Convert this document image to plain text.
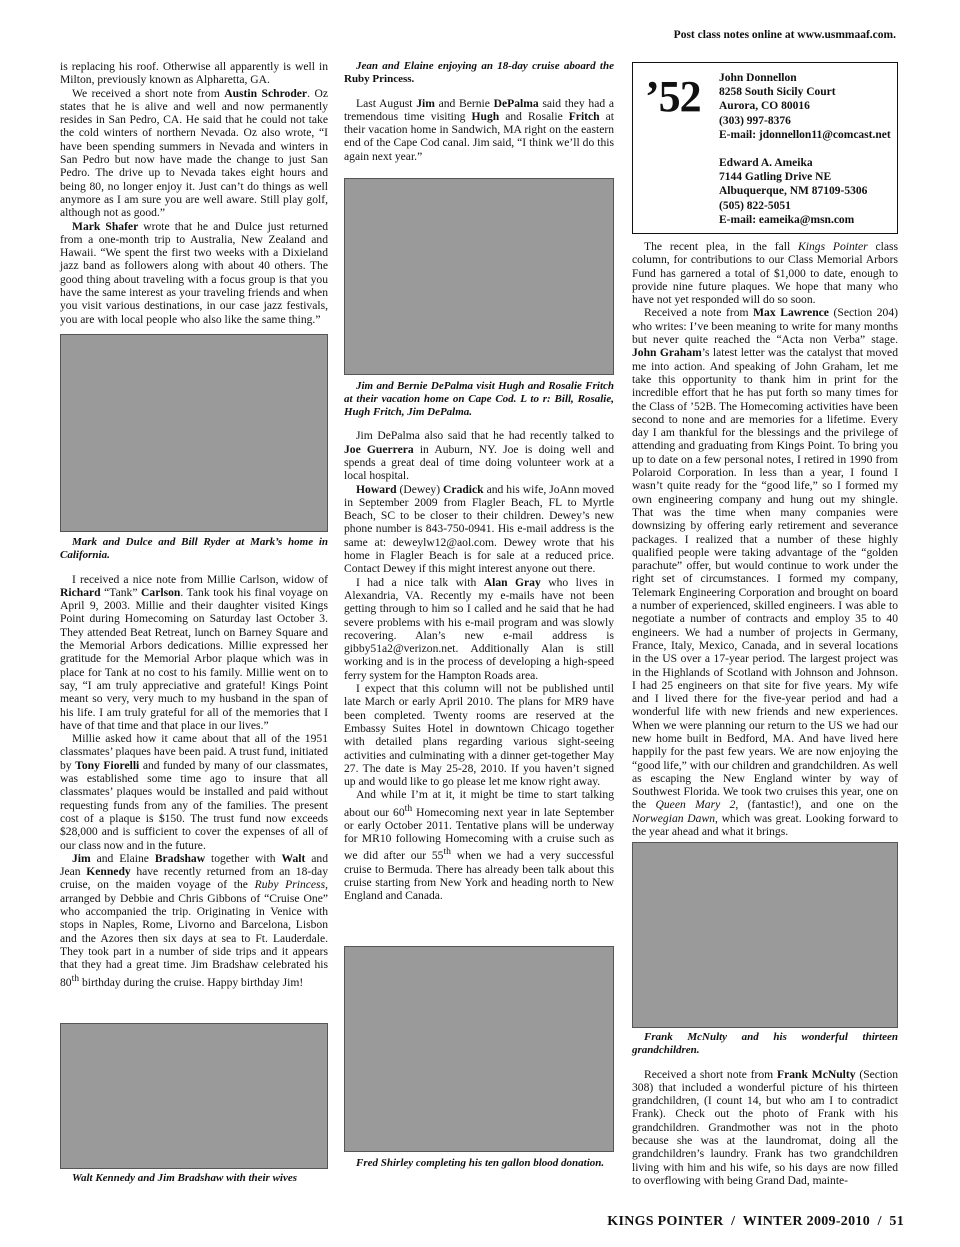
Post class notes online at www.usmmaaf.com.

is replacing his roof. Otherwise all apparently is well in Milton, previously known as Alpharetta, GA.

We received a short note from Austin Schroder. Oz states that he is alive and well and now permanently resides in San Pedro, CA. He said that he could not take the cold winters of northern Nevada. Oz also wrote, “I have been spending summers in Nevada and winters in San Pedro but now have made the change to just San Pedro. The drive up to Nevada takes eight hours and being 80, no longer enjoy it. Just can’t do things as well anymore as I am sure you are well aware. Still play golf, although not as good.”

Mark Shafer wrote that he and Dulce just returned from a one-month trip to Australia, New Zealand and Hawaii. “We spent the first two weeks with a Dixieland jazz band as followers along with about 40 others. The good thing about traveling with a focus group is that you have the same interest as your traveling friends and when you visit various destinations, in our case jazz festivals, you are with local people who also like the same thing.”

Mark and Dulce and Bill Ryder at Mark’s home in California.

I received a nice note from Millie Carlson, widow of Richard “Tank” Carlson. Tank took his final voyage on April 9, 2003. Millie and their daughter visited Kings Point during Homecoming on Saturday last October 3. They attended Beat Retreat, lunch on Barney Square and the Memorial Arbors dedications. Millie expressed her gratitude for the Memorial Arbor plaque which was in place for Tank at no cost to his family. Millie went on to say, “I am truly appreciative and grateful! Kings Point meant so very, very much to my husband in the span of his life. I am truly grateful for all of the memories that I have of that time and that place in our lives.”

Millie asked how it came about that all of the 1951 classmates’ plaques have been paid. A trust fund, initiated by Tony Fiorelli and funded by many of our classmates, was established some time ago to insure that all classmates’ plaques would be installed and paid without requesting funds from any of the families. The present cost of a plaque is $150. The trust fund now exceeds $28,000 and is sufficient to cover the expenses of all of our class now and in the future.

Jim and Elaine Bradshaw together with Walt and Jean Kennedy have recently returned from an 18-day cruise, on the maiden voyage of the Ruby Princess, arranged by Debbie and Chris Gibbons of “Cruise One” who accompanied the trip. Originating in Venice with stops in Naples, Rome, Livorno and Barcelona, Lisbon and the Azores then six days at sea to Ft. Lauderdale. They took part in a number of side trips and it appears that they had a great time. Jim Bradshaw celebrated his 80th birthday during the cruise. Happy birthday Jim!

Walt Kennedy and Jim Bradshaw with their wives

Jean and Elaine enjoying an 18-day cruise aboard the Ruby Princess.

Last August Jim and Bernie DePalma said they had a tremendous time visiting Hugh and Rosalie Fritch at their vacation home in Sandwich, MA right on the eastern end of the Cape Cod canal. Jim said, “I think we’ll do this again next year.”

Jim and Bernie DePalma visit Hugh and Rosalie Fritch at their vacation home on Cape Cod. L to r: Bill, Rosalie, Hugh Fritch, Jim DePalma.

Jim DePalma also said that he had recently talked to Joe Guerrera in Auburn, NY. Joe is doing well and spends a great deal of time doing volunteer work at a local hospital.

Howard (Dewey) Cradick and his wife, JoAnn moved in September 2009 from Flagler Beach, FL to Myrtle Beach, SC to be closer to their children. Dewey’s new phone number is 843-750-0941. His e-mail address is the same at: deweylw12@aol.com. Dewey wrote that his home in Flagler Beach is for sale at a reduced price. Contact Dewey if this might interest anyone out there.

I had a nice talk with Alan Gray who lives in Alexandria, VA. Recently my e-mails have not been getting through to him so I called and he said that he had severe problems with his e-mail program and was slowly recovering. Alan’s new e-mail address is gibby51a2@verizon.net. Additionally Alan is still working and is in the process of developing a high-speed ferry system for the Hampton Roads area.

I expect that this column will not be published until late March or early April 2010. The plans for MR9 have been completed. Twenty rooms are reserved at the Embassy Suites Hotel in downtown Chicago together with detailed plans regarding various sight-seeing activities and culminating with a dinner get-together May 27. The date is May 25-28, 2010. If you haven’t signed up and would like to go please let me know right away.

And while I’m at it, it might be time to start talking about our 60th Homecoming next year in late September or early October 2011. Tentative plans will be underway for MR10 following Homecoming with a cruise such as we did after our 55th when we had a very successful cruise to Bermuda. There has already been talk about this cruise starting from New York and heading north to New England and Canada.

Fred Shirley completing his ten gallon blood donation.

’52 John Donnellon
8258 South Sicily Court
Aurora, CO 80016
(303) 997-8376
E-mail: jdonnellon11@comcast.net
Edward A. Ameika
7144 Gatling Drive NE
Albuquerque, NM 87109-5306
(505) 822-5051
E-mail: eameika@msn.com

The recent plea, in the fall Kings Pointer class column, for contributions to our Class Memorial Arbors Fund has garnered a total of $1,000 to date, enough to provide nine future plaques. We hope that many who have not yet responded will do so soon.

Received a note from Max Lawrence (Section 204) who writes: I’ve been meaning to write for many months but never quite reached the “Acta non Verba” stage. John Graham’s latest letter was the catalyst that moved me into action. And speaking of John Graham, let me take this opportunity to thank him in print for the incredible effort that he has put forth so many times for the Class of ’52B. The Homecoming activities have been second to none and are memories for a lifetime. Every day I am thankful for the blessings and the privilege of attending and graduating from Kings Point. To bring you up to date on a few personal notes, I retired in 1990 from Polaroid Corporation. In less than a year, I found I wasn’t quite ready for the “good life,” so I formed my own engineering company and hung out my shingle. That was the time when many companies were downsizing by offering early retirement and severance packages. I realized that a number of these highly qualified people were taking advantage of the “golden parachute” offer, but would continue to work under the right set of circumstances. I formed my company, Telemark Engineering Corporation and brought on board a number of experienced, skilled engineers. I was able to negotiate a number of contracts and employ 35 to 40 engineers. We had a number of projects in Germany, France, Italy, Mexico, Canada, and in several locations in the US over a 17-year period. The largest project was in the Highlands of Scotland with Johnson and Johnson. I had 25 engineers on that site for five years. My wife and I lived there for the five-year period and had a wonderful life with new friends and new experiences. When we were planning our return to the US we had our new home built in Bedford, MA. And have lived here happily for the past few years. We are now enjoying the “good life,” with our children and grandchildren. As well as escaping the New England winter by way of Southwest Florida. We took two cruises this year, one on the Queen Mary 2, (fantastic!), and one on the Norwegian Dawn, which was great. Looking forward to the year ahead and what it brings.

Frank McNulty and his wonderful thirteen grandchildren.

Received a short note from Frank McNulty (Section 308) that included a wonderful picture of his thirteen grandchildren, (I count 14, but who am I to contradict Frank). Check out the photo of Frank with his grandchildren. Grandmother was not in the photo because she was at the laundromat, doing all the grandchildren’s laundry. Frank has two grandchildren living with him and his wife, so his days are now filled to overflowing with being Grand Dad, mainte-

KINGS POINTER  /  WINTER 2009-2010  /  51
